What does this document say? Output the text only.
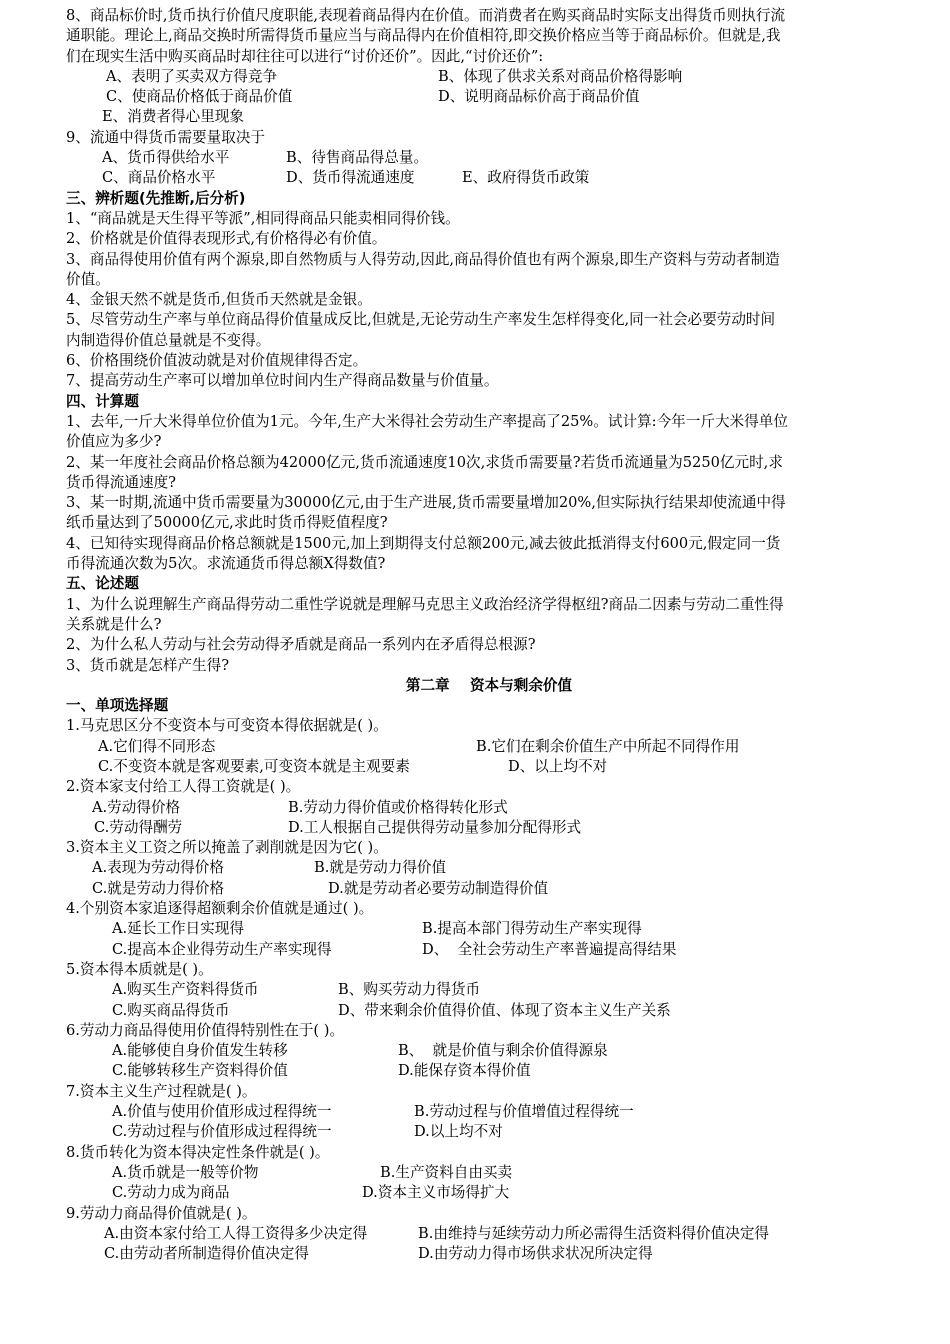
8、商品标价时,货币执行价值尺度职能,表现着商品得内在价值。而消费者在购买商品时实际支出得货币则执行流
通职能。理论上,商品交换时所需得货币量应当与商品得内在价值相符,即交换价格应当等于商品标价。但就是,我
们在现实生活中购买商品时却往往可以进行“讨价还价”。因此,“讨价还价”:
A、表明了买卖双方得竞争	B、体现了供求关系对商品价格得影响
C、使商品价格低于商品价值	D、说明商品标价高于商品价值
E、消费者得心里现象
9、流通中得货币需要量取决于
A、货币得供给水平	B、待售商品得总量。
C、商品价格水平	D、货币得流通速度	E、政府得货币政策
三、辨析题(先推断,后分析)
1、“商品就是天生得平等派”,相同得商品只能卖相同得价钱。
2、价格就是价值得表现形式,有价格得必有价值。
3、商品得使用价值有两个源泉,即自然物质与人得劳动,因此,商品得价值也有两个源泉,即生产资料与劳动者制造
价值。
4、金银天然不就是货币,但货币天然就是金银。
5、尽管劳动生产率与单位商品得价值量成反比,但就是,无论劳动生产率发生怎样得变化,同一社会必要劳动时间
内制造得价值总量就是不变得。
6、价格围绕价值波动就是对价值规律得否定。
7、提高劳动生产率可以增加单位时间内生产得商品数量与价值量。
四、计算题
1、去年,一斤大米得单位价值为1元。今年,生产大米得社会劳动生产率提高了25%。试计算:今年一斤大米得单位
价值应为多少?
2、某一年度社会商品价格总额为42000亿元,货币流通速度10次,求货币需要量?若货币流通量为5250亿元时,求
货币得流通速度?
3、某一时期,流通中货币需要量为30000亿元,由于生产进展,货币需要量增加20%,但实际执行结果却使流通中得
纸币量达到了50000亿元,求此时货币得贬值程度?
4、已知待实现得商品价格总额就是1500元,加上到期得支付总额200元,减去彼此抵消得支付600元,假定同一货
币得流通次数为5次。求流通货币得总额X得数值?
五、论述题
1、为什么说理解生产商品得劳动二重性学说就是理解马克思主义政治经济学得枢纽?商品二因素与劳动二重性得
关系就是什么?
2、为什么私人劳动与社会劳动得矛盾就是商品一系列内在矛盾得总根源?
3、货币就是怎样产生得?
第二章    资本与剩余价值
一、单项选择题
1.马克思区分不变资本与可变资本得依据就是( )。
A.它们得不同形态	B.它们在剩余价值生产中所起不同得作用
C.不变资本就是客观要素,可变资本就是主观要素	D、以上均不对
2.资本家支付给工人得工资就是( )。
A.劳动得价格	B.劳动力得价值或价格得转化形式
C.劳动得酬劳	D.工人根据自己提供得劳动量参加分配得形式
3.资本主义工资之所以掩盖了剥削就是因为它( )。
A.表现为劳动得价格	B.就是劳动力得价值
C.就是劳动力得价格	D.就是劳动者必要劳动制造得价值
4.个别资本家追逐得超额剩余价值就是通过( )。
A.延长工作日实现得	B.提高本部门得劳动生产率实现得
C.提高本企业得劳动生产率实现得	D、  全社会劳动生产率普遍提高得结果
5.资本得本质就是( )。
A.购买生产资料得货币	B、购买劳动力得货币
C.购买商品得货币	D、带来剩余价值得价值、体现了资本主义生产关系
6.劳动力商品得使用价值得特别性在于( )。
A.能够使自身价值发生转移	B、  就是价值与剩余价值得源泉
C.能够转移生产资料得价值	D.能保存资本得价值
7.资本主义生产过程就是( )。
A.价值与使用价值形成过程得统一	B.劳动过程与价值增值过程得统一
C.劳动过程与价值形成过程得统一	D.以上均不对
8.货币转化为资本得决定性条件就是( )。
A.货币就是一般等价物	B.生产资料自由买卖
C.劳动力成为商品	D.资本主义市场得扩大
9.劳动力商品得价值就是( )。
A.由资本家付给工人得工资得多少决定得	B.由维持与延续劳动力所必需得生活资料得价值决定得
C.由劳动者所制造得价值决定得	D.由劳动力得市场供求状况所决定得
